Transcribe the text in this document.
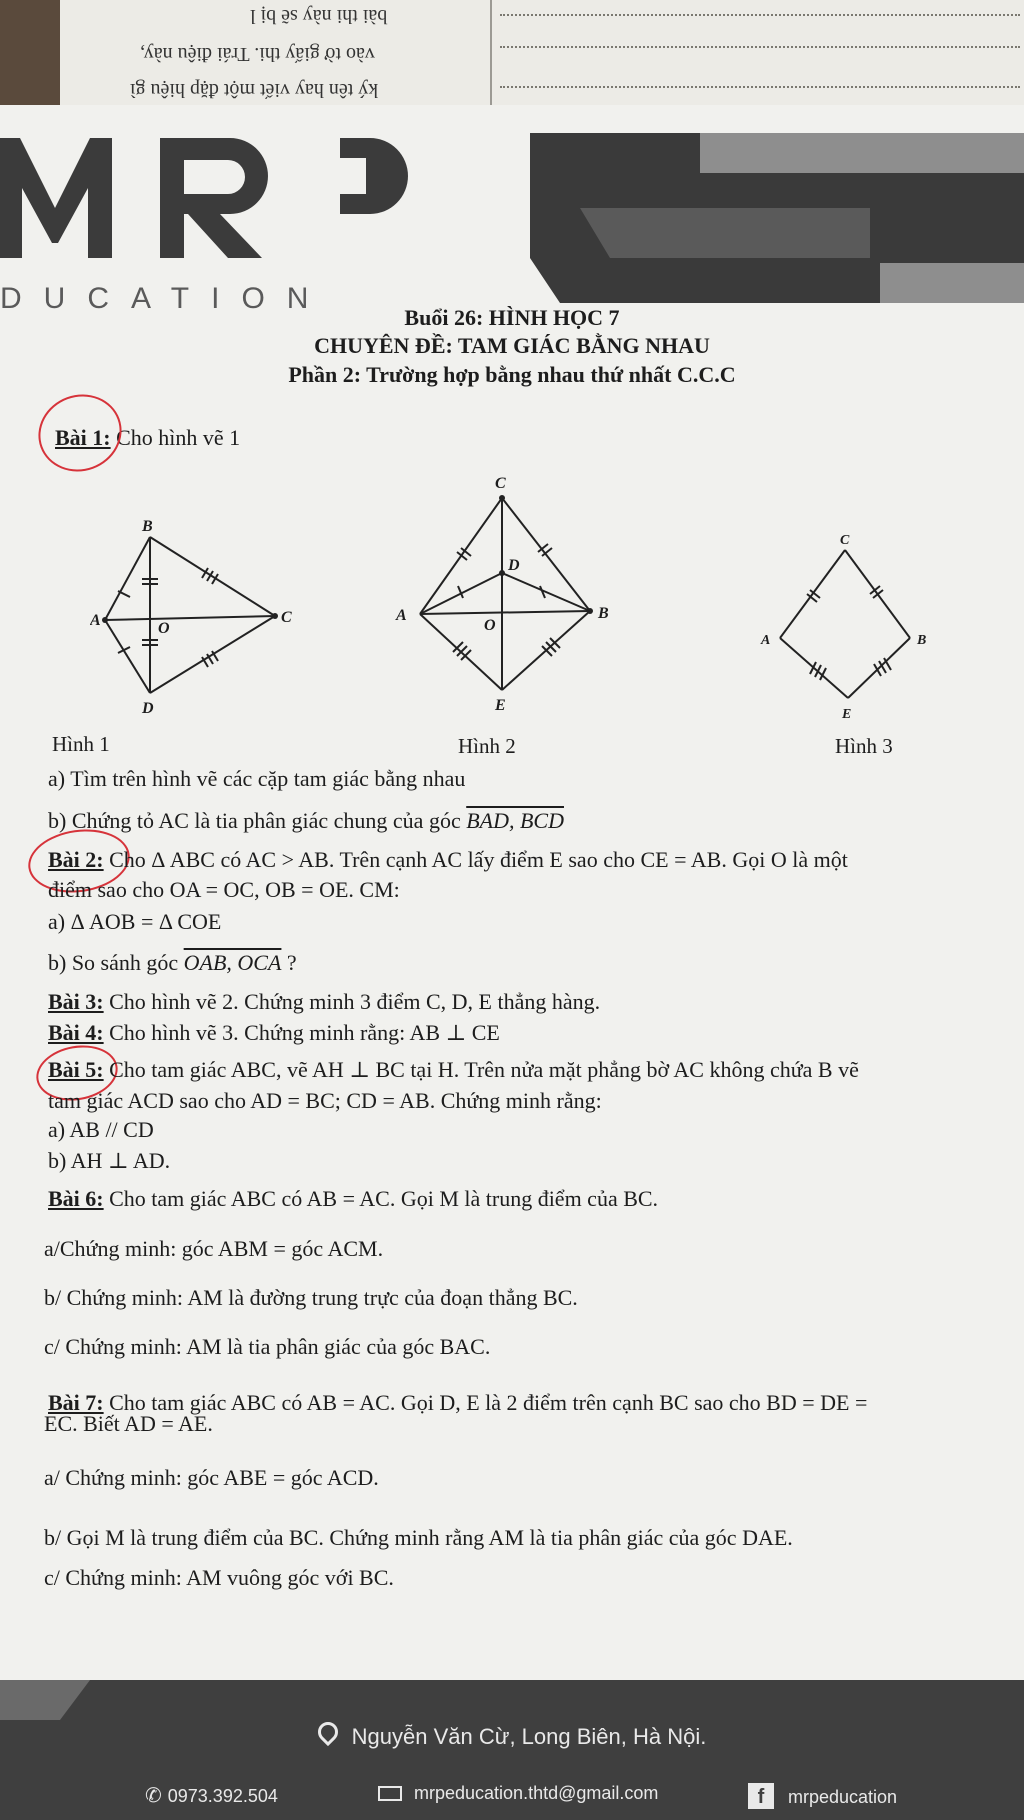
bài thi này sẽ bị l
vào tờ giấy thi. Trái điệu này,
ký tên hay viết một đặp hiệu gì
DUCATION
Buổi 26: HÌNH HỌC 7
CHUYÊN ĐỀ: TAM GIÁC BẰNG NHAU
Phần 2: Trường hợp bằng nhau thứ nhất C.C.C
Bài 1: Cho hình vẽ 1
B
A	O
C
D
C
D
A
O
B
E
C
A	B
E
Hình 1	Hình 2	Hình 3
a) Tìm trên hình vẽ các cặp tam giác bằng nhau
b) Chứng tỏ AC là tia phân giác chung của góc BAD, BCD
Bài 2: Cho Δ ABC có AC > AB. Trên cạnh AC lấy điểm E sao cho CE = AB. Gọi O là một
điểm sao cho OA = OC, OB = OE. CM:
a) Δ AOB = Δ COE
b) So sánh góc OAB, OCA ?
Bài 3: Cho hình vẽ 2. Chứng minh 3 điểm C, D, E thẳng hàng.
Bài 4: Cho hình vẽ 3. Chứng minh rằng: AB ⊥ CE
Bài 5: Cho tam giác ABC, vẽ AH ⊥ BC tại H. Trên nửa mặt phẳng bờ AC không chứa B vẽ
tam giác ACD sao cho AD = BC; CD = AB. Chứng minh rằng:
a) AB // CD
b) AH ⊥ AD.
Bài 6: Cho tam giác ABC có AB = AC. Gọi M là trung điểm của BC.
a/Chứng minh: góc ABM = góc ACM.
b/ Chứng minh: AM là đường trung trực của đoạn thẳng BC.
c/ Chứng minh: AM là tia phân giác của góc BAC.
Bài 7: Cho tam giác ABC có AB = AC. Gọi D, E là 2 điểm trên cạnh BC sao cho BD = DE =
EC. Biết AD = AE.
a/ Chứng minh: góc ABE = góc ACD.
b/ Gọi M là trung điểm của BC. Chứng minh rằng AM là tia phân giác của góc DAE.
c/ Chứng minh: AM vuông góc với BC.
Nguyễn Văn Cừ, Long Biên, Hà Nội.
✆ 0973.392.504	mrpeducation.thtd@gmail.com	f mrpeducation
